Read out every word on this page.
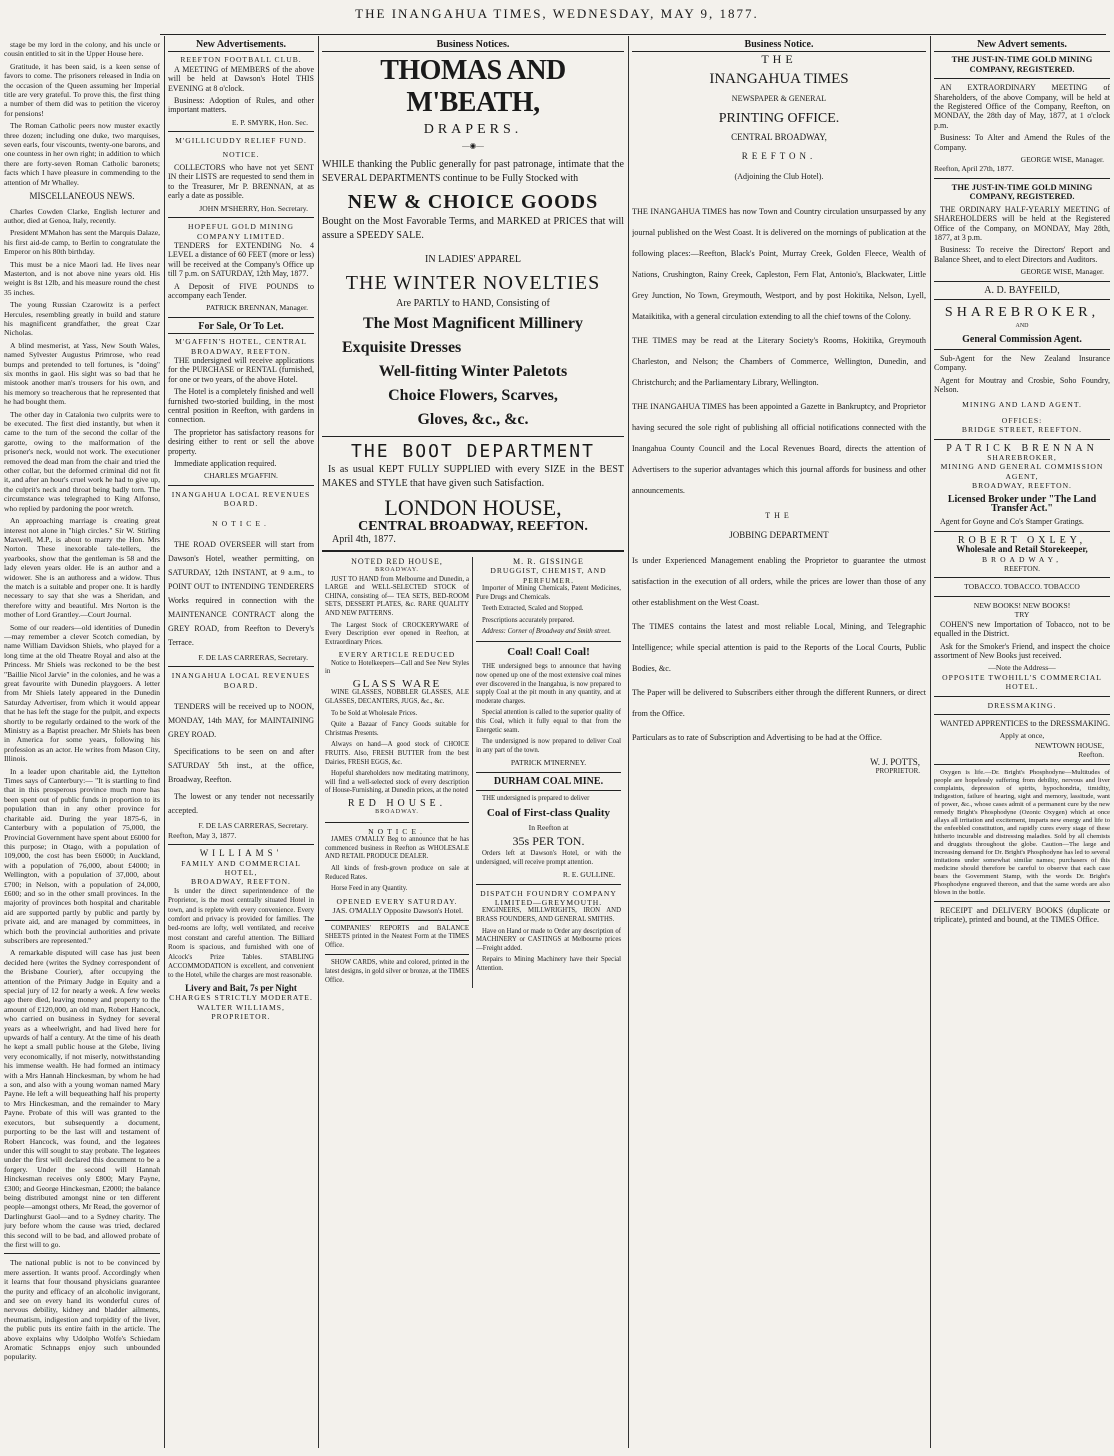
THE INANGAHUA TIMES, WEDNESDAY, MAY 9, 1877.

stage be my lord in the colony, and his uncle or cousin entitled to sit in the Upper House here.

Gratitude, it has been said, is a keen sense of favors to come. The prisoners released in India on the occasion of the Queen assuming her Imperial title are very grateful. To prove this, the first thing a number of them did was to petition the viceroy for pensions!

The Roman Catholic peers now muster exactly three dozen; including one duke, two marquises, seven earls, four viscounts, twenty-one barons, and one countess in her own right; in addition to which there are forty-seven Roman Catholic baronets; facts which I have pleasure in commending to the attention of Mr Whalley.

MISCELLANEOUS NEWS.

Charles Cowden Clarke, English lecturer and author, died at Genoa, Italy, recently.

President M'Mahon has sent the Marquis Dalaze, his first aid-de camp, to Berlin to congratulate the Emperor on his 80th birthday.

This must be a nice Maori lad. He lives near Masterton, and is not above nine years old. His weight is 8st 12lb, and his measure round the chest 35 inches.

The young Russian Czarowitz is a perfect Hercules, resembling greatly in build and stature his magnificent grandfather, the great Czar Nicholas.

A blind mesmerist, at Yass, New South Wales, named Sylvester Augustus Primrose, who read bumps and pretended to tell fortunes, is "doing" six months in gaol. His sight was so bad that he mistook another man's trousers for his own, and his memory so treacherous that he represented that he had bought them.

The other day in Catalonia two culprits were to be executed. The first died instantly, but when it came to the turn of the second the collar of the garotte, owing to the malformation of the prisoner's neck, would not work. The executioner removed the dead man from the chair and tried the other collar, but the deformed criminal did not fit it, and after an hour's cruel work he had to give up, the culprit's neck and throat being badly torn. The circumstance was telegraphed to King Alfonso, who replied by pardoning the poor wretch.

An approaching marriage is creating great interest not alone in "high circles." Sir W. Stirling Maxwell, M.P., is about to marry the Hon. Mrs Norton. These inexorable tale-tellers, the yearbooks, show that the gentleman is 58 and the lady eleven years older. He is an author and a widower. She is an authoress and a widow. Thus the match is a suitable and proper one. It is hardly necessary to say that she was a Sheridan, and therefore witty and beautiful. Mrs Norton is the mother of Lord Grantley.—Court Journal.

Some of our readers—old identities of Dunedin—may remember a clever Scotch comedian, by name William Davidson Shiels, who played for a long time at the old Theatre Royal and also at the Princess. Mr Shiels was reckoned to be the best "Baillie Nicol Jarvie" in the colonies, and he was a great favourite with Dunedin playgoers. A letter from Mr Shiels lately appeared in the Dunedin Saturday Advertiser, from which it would appear that he has left the stage for the pulpit, and expects shortly to be regularly ordained to the work of the Ministry as a Baptist preacher. Mr Shiels has been in America for some years, following his profession as an actor. He writes from Mason City, Illinois.

In a leader upon charitable aid, the Lyttelton Times says of Canterbury:— "It is startling to find that in this prosperous province much more has been spent out of public funds in proportion to its population than in any other province for charitable aid. During the year 1875-6, in Canterbury with a population of 75,000, the Provincial Government have spent about £6000 for this purpose; in Otago, with a population of 109,000, the cost has been £6000; in Auckland, with a population of 76,000, about £4000; in Wellington, with a population of 37,000, about £700; in Nelson, with a population of 24,000, £600; and so in the other small provinces. In the majority of provinces both hospital and charitable aid are supported partly by public and partly by private aid, and are managed by committees, in which both the provincial authorities and private subscribers are represented."

A remarkable disputed will case has just been decided here (writes the Sydney correspondent of the Brisbane Courier), after occupying the attention of the Primary Judge in Equity and a special jury of 12 for nearly a week. A few weeks ago there died, leaving money and property to the amount of £120,000, an old man, Robert Hancock, who carried on business in Sydney for several years as a wheelwright, and had lived here for upwards of half a century. At the time of his death he kept a small public house at the Glebe, living very economically, if not miserly, notwithstanding his immense wealth. He had formed an intimacy with a Mrs Hannah Hinckesman, by whom he had a son, and also with a young woman named Mary Payne. He left a will bequeathing half his property to Mrs Hinckesman, and the remainder to Mary Payne. Probate of this will was granted to the executors, but subsequently a document, purporting to be the last will and testament of Robert Hancock, was found, and the legatees under this will sought to stay probate. The legatees under the first will declared this document to be a forgery. Under the second will Hannah Hinckesman receives only £800; Mary Payne, £300; and George Hinckesman, £2000; the balance being distributed amongst nine or ten different people—amongst others, Mr Read, the governor of Darlinghurst Gaol—and to a Sydney charity. The jury before whom the cause was tried, declared this second will to be bad, and allowed probate of the first will to go.

The national public is not to be convinced by mere assertion. It wants proof. Accordingly when it learns that four thousand physicians guarantee the purity and efficacy of an alcoholic invigorant, and see on every hand its wonderful cures of nervous debility, kidney and bladder ailments, rheumatism, indigestion and torpidity of the liver, the public puts its entire faith in the article. The above explains why Udolpho Wolfe's Schiedam Aromatic Schnapps enjoy such unbounded popularity.

New Advertisements.
REEFTON FOOTBALL CLUB.

A MEETING of MEMBERS of the above will be held at Dawson's Hotel THIS EVENING at 8 o'clock.

Business: Adoption of Rules, and other important matters.

E. P. SMYRK, Hon. Sec.
M'GILLICUDDY RELIEF FUND.
NOTICE.

COLLECTORS who have not yet SENT IN their LISTS are requested to send them in to the Treasurer, Mr P. BRENNAN, at as early a date as possible.

JOHN M'SHERRY, Hon. Secretary.
HOPEFUL GOLD MINING COMPANY LIMITED.

TENDERS for EXTENDING No. 4 LEVEL a distance of 60 FEET (more or less) will be received at the Company's Office up till 7 p.m. on SATURDAY, 12th May, 1877.

A Deposit of FIVE POUNDS to accompany each Tender.

PATRICK BRENNAN, Manager.
For Sale, Or To Let.
M'GAFFIN'S HOTEL, CENTRAL BROADWAY, REEFTON.

THE undersigned will receive applications for the PURCHASE or RENTAL (furnished, for one or two years, of the above Hotel.

The Hotel is a completely finished and well furnished two-storied building, in the most central position in Reefton, with gardens in connection.

The proprietor has satisfactory reasons for desiring either to rent or sell the above property.

Immediate application required.

CHARLES M'GAFFIN.
INANGAHUA LOCAL REVENUES BOARD.
NOTICE.

THE ROAD OVERSEER will start from Dawson's Hotel, weather permitting, on SATURDAY, 12th INSTANT, at 9 a.m., to POINT OUT to INTENDING TENDERERS Works required in connection with the MAINTENANCE CONTRACT along the GREY ROAD, from Reefton to Devery's Terrace.

F. DE LAS CARRERAS, Secretary.
INANGAHUA LOCAL REVENUES BOARD.

TENDERS will be received up to NOON, MONDAY, 14th MAY, for MAINTAINING GREY ROAD.

Specifications to be seen on and after SATURDAY 5th inst., at the office, Broadway, Reefton.

The lowest or any tender not necessarily accepted.

F. DE LAS CARRERAS, Secretary.
Reefton, May 3, 1877.
WILLIAMS'
FAMILY AND COMMERCIAL HOTEL,
BROADWAY, REEFTON.

Is under the direct superintendence of the Proprietor, is the most centrally situated Hotel in town, and is replete with every convenience. Every comfort and privacy is provided for families. The bed-rooms are lofty, well ventilated, and receive most constant and careful attention. The Billiard Room is spacious, and furnished with one of Alcock's Prize Tables. STABLING ACCOMMODATION is excellent, and convenient to the Hotel, while the charges are most reasonable.

Livery and Bait, 7s per Night
CHARGES STRICTLY MODERATE.
WALTER WILLIAMS, PROPRIETOR.
Business Notices.
THOMAS AND M'BEATH,
DRAPERS.
—◉—

WHILE thanking the Public generally for past patronage, intimate that the SEVERAL DEPARTMENTS continue to be Fully Stocked with

NEW & CHOICE GOODS

Bought on the Most Favorable Terms, and MARKED at PRICES that will assure a SPEEDY SALE.

IN LADIES' APPAREL
THE WINTER NOVELTIES
Are PARTLY to HAND, Consisting of
The Most Magnificent Millinery
Exquisite Dresses
Well-fitting Winter Paletots
Choice Flowers, Scarves,
Gloves, &c., &c.
THE BOOT DEPARTMENT

Is as usual KEPT FULLY SUPPLIED with every SIZE in the BEST MAKES and STYLE that have given such Satisfaction.

LONDON HOUSE,
CENTRAL BROADWAY, REEFTON.
April 4th, 1877.
NOTED RED HOUSE,
BROADWAY.

JUST TO HAND from Melbourne and Dunedin, a LARGE and WELL-SELECTED STOCK of CHINA, consisting of— TEA SETS, BED-ROOM SETS, DESSERT PLATES, &c. RARE QUALITY AND NEW PATTERNS.

The Largest Stock of CROCKERYWARE of Every Description ever opened in Reefton, at Extraordinary Prices.

EVERY ARTICLE REDUCED

Notice to Hotelkeepers—Call and See New Styles in

GLASS WARE

WINE GLASSES, NOBBLER GLASSES, ALE GLASSES, DECANTERS, JUGS, &c., &c.

To be Sold at Wholesale Prices.

Quite a Bazaar of Fancy Goods suitable for Christmas Presents.

Always on hand—A good stock of CHOICE FRUITS. Also, FRESH BUTTER from the best Dairies, FRESH EGGS, &c.

Hopeful shareholders now meditating matrimony, will find a well-selected stock of every description of House-Furnishing, at Dunedin prices, at the noted

RED HOUSE.
BROADWAY.
NOTICE.

JAMES O'MALLY Beg to announce that he has commenced business in Reefton as WHOLESALE AND RETAIL PRODUCE DEALER.

All kinds of fresh-grown produce on sale at Reduced Rates.

Horse Feed in any Quantity.

OPENED EVERY SATURDAY.
JAS. O'MALLY Opposite Dawson's Hotel.

COMPANIES' REPORTS and BALANCE SHEETS printed in the Neatest Form at the TIMES Office.

SHOW CARDS, white and colored, printed in the latest designs, in gold silver or bronze, at the TIMES Office.

M. R. GISSINGE
DRUGGIST, CHEMIST, AND PERFUMER.

Importer of Mining Chemicals, Patent Medicines, Pure Drugs and Chemicals.

Teeth Extracted, Scaled and Stopped.

Prescriptions accurately prepared.

Address: Corner of Broadway and Smith street.

Coal! Coal! Coal!

THE undersigned begs to announce that having now opened up one of the most extensive coal mines ever discovered in the Inangahua, is now prepared to supply Coal at the pit mouth in any quantity, and at moderate charges.

Special attention is called to the superior quality of this Coal, which it fully equal to that from the Energetic seam.

The undersigned is now prepared to deliver Coal in any part of the town.

PATRICK M'INERNEY.
DURHAM COAL MINE.

THE undersigned is prepared to deliver

Coal of First-class Quality
In Reefton at
35s PER TON.

Orders left at Dawson's Hotel, or with the undersigned, will receive prompt attention.

R. E. GULLINE.
DISPATCH FOUNDRY COMPANY LIMITED—GREYMOUTH.

ENGINEERS, MILLWRIGHTS, IRON AND BRASS FOUNDERS, AND GENERAL SMITHS.

Have on Hand or made to Order any description of MACHINERY or CASTINGS at Melbourne prices—Freight added.

Repairs to Mining Machinery have their Special Attention.

Business Notice.
THE
INANGAHUA TIMES
NEWSPAPER & GENERAL
PRINTING OFFICE.
CENTRAL BROADWAY,
REEFTON.
(Adjoining the Club Hotel).

THE INANGAHUA TIMES has now Town and Country circulation unsurpassed by any journal published on the West Coast. It is delivered on the mornings of publication at the following places:—Reefton, Black's Point, Murray Creek, Golden Fleece, Wealth of Nations, Crushington, Rainy Creek, Capleston, Fern Flat, Antonio's, Blackwater, Little Grey Junction, No Town, Greymouth, Westport, and by post Hokitika, Nelson, Lyell, Mataikitika, with a general circulation extending to all the chief towns of the Colony.

THE TIMES may be read at the Literary Society's Rooms, Hokitika, Greymouth Charleston, and Nelson; the Chambers of Commerce, Wellington, Dunedin, and Christchurch; and the Parliamentary Library, Wellington.

THE INANGAHUA TIMES has been appointed a Gazette in Bankruptcy, and Proprietor having secured the sole right of publishing all official notifications connected with the Inangahua County Council and the Local Revenues Board, directs the attention of Advertisers to the superior advantages which this journal affords for business and other announcements.

THE
JOBBING DEPARTMENT

Is under Experienced Management enabling the Proprietor to guarantee the utmost satisfaction in the execution of all orders, while the prices are lower than those of any other establishment on the West Coast.

The TIMES contains the latest and most reliable Local, Mining, and Telegraphic Intelligence; while special attention is paid to the Reports of the Local Courts, Public Bodies, &c.

The Paper will be delivered to Subscribers either through the different Runners, or direct from the Office.

Particulars as to rate of Subscription and Advertising to be had at the Office.

W. J. POTTS,
PROPRIETOR.
New Advert sements.
THE JUST-IN-TIME GOLD MINING COMPANY, REGISTERED.

AN EXTRAORDINARY MEETING of Shareholders, of the above Company, will be held at the Registered Office of the Company, Reefton, on MONDAY, the 28th day of May, 1877, at 1 o'clock p.m.

Business: To Alter and Amend the Rules of the Company.

GEORGE WISE, Manager.
Reefton, April 27th, 1877.
THE JUST-IN-TIME GOLD MINING COMPANY, REGISTERED.

THE ORDINARY HALF-YEARLY MEETING of SHAREHOLDERS will be held at the Registered Office of the Company, on MONDAY, May 28th, 1877, at 3 p.m.

Business: To receive the Directors' Report and Balance Sheet, and to elect Directors and Auditors.

GEORGE WISE, Manager.
A. D. BAYFEILD,
SHAREBROKER,
AND
General Commission Agent.

Sub-Agent for the New Zealand Insurance Company.

Agent for Moutray and Crosbie, Soho Foundry, Nelson.

MINING AND LAND AGENT.
OFFICES:
BRIDGE STREET, REEFTON.
PATRICK BRENNAN
SHAREBROKER,
MINING AND GENERAL COMMISSION AGENT,
BROADWAY, REEFTON.
Licensed Broker under "The Land Transfer Act."

Agent for Goyne and Co's Stamper Gratings.

ROBERT OXLEY,
Wholesale and Retail Storekeeper,
BROADWAY,
REEFTON.
TOBACCO. TOBACCO. TOBACCO
NEW BOOKS! NEW BOOKS!
TRY

COHEN'S new Importation of Tobacco, not to be equalled in the District.

Ask for the Smoker's Friend, and inspect the choice assortment of New Books just received.

—Note the Address—
OPPOSITE TWOHILL'S COMMERCIAL HOTEL.
DRESSMAKING.

WANTED APPRENTICES to the DRESSMAKING.

Apply at once,
NEWTOWN HOUSE,
Reefton.

Oxygen is life.—Dr. Bright's Phosphodyne—Multitudes of people are hopelessly suffering from debility, nervous and liver complaints, depression of spirits, hypochondria, timidity, indigestion, failure of hearing, sight and memory, lassitude, want of power, &c., whose cases admit of a permanent cure by the new remedy Bright's Phosphodyne (Ozonic Oxygen) which at once allays all irritation and excitement, imparts new energy and life to the enfeebled constitution, and rapidly cures every stage of these hitherto incurable and distressing maladies. Sold by all chemists and druggists throughout the globe. Caution—The large and increasing demand for Dr. Bright's Phosphodyne has led to several imitations under somewhat similar names; purchasers of this medicine should therefore be careful to observe that each case bears the Government Stamp, with the words Dr. Bright's Phosphodyne engraved thereon, and that the same words are also blown in the bottle.

RECEIPT and DELIVERY BOOKS (duplicate or triplicate), printed and bound, at the TIMES Office.
